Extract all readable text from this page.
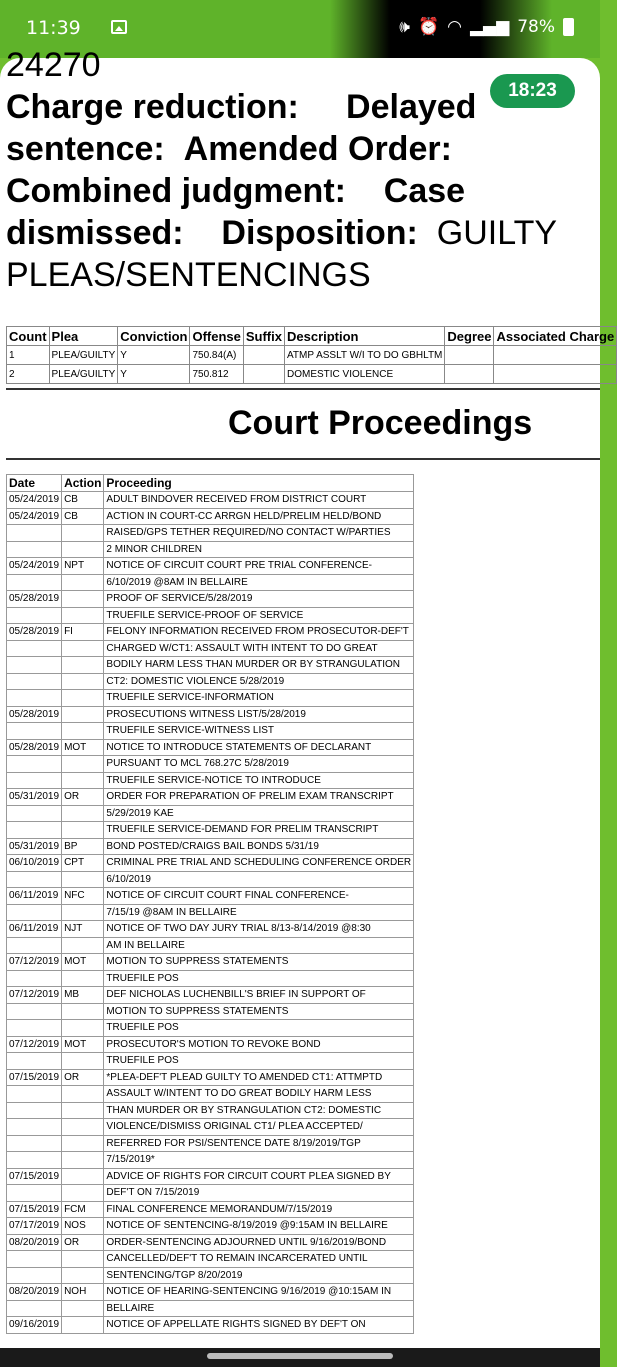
11:39	🕪 ⏰ ◠ ▂▄▆ 78%
24270
Charge reduction: Delayed sentence: Amended Order:  Combined judgment: Case dismissed: Disposition: GUILTY PLEAS/SENTENCINGS
18:23
Count	Plea	Conviction	Offense	Suffix	Description	Degree	Associated Charge
1	PLEA/GUILTY	Y	750.84(A)		ATMP ASSLT W/I TO DO GBHLTM		
2	PLEA/GUILTY	Y	750.812		DOMESTIC VIOLENCE		
Court Proceedings
Date	Action	Proceeding
05/24/2019	CB	ADULT BINDOVER RECEIVED FROM DISTRICT COURT
05/24/2019	CB	ACTION IN COURT-CC ARRGN HELD/PRELIM HELD/BOND
		RAISED/GPS TETHER REQUIRED/NO CONTACT W/PARTIES
		2 MINOR CHILDREN
05/24/2019	NPT	NOTICE OF CIRCUIT COURT PRE TRIAL CONFERENCE-
		6/10/2019 @8AM IN BELLAIRE
05/28/2019		PROOF OF SERVICE/5/28/2019
		TRUEFILE SERVICE-PROOF OF SERVICE
05/28/2019	FI	FELONY INFORMATION RECEIVED FROM PROSECUTOR-DEF'T
		CHARGED W/CT1: ASSAULT WITH INTENT TO DO GREAT
		BODILY HARM LESS THAN MURDER OR BY STRANGULATION
		CT2: DOMESTIC VIOLENCE 5/28/2019
		TRUEFILE SERVICE-INFORMATION
05/28/2019		PROSECUTIONS WITNESS LIST/5/28/2019
		TRUEFILE SERVICE-WITNESS LIST
05/28/2019	MOT	NOTICE TO INTRODUCE STATEMENTS OF DECLARANT
		PURSUANT TO MCL 768.27C 5/28/2019
		TRUEFILE SERVICE-NOTICE TO INTRODUCE
05/31/2019	OR	ORDER FOR PREPARATION OF PRELIM EXAM TRANSCRIPT
		5/29/2019 KAE
		TRUEFILE SERVICE-DEMAND FOR PRELIM TRANSCRIPT
05/31/2019	BP	BOND POSTED/CRAIGS BAIL BONDS 5/31/19
06/10/2019	CPT	CRIMINAL PRE TRIAL AND SCHEDULING CONFERENCE ORDER
		6/10/2019
06/11/2019	NFC	NOTICE OF CIRCUIT COURT FINAL CONFERENCE-
		7/15/19 @8AM IN BELLAIRE
06/11/2019	NJT	NOTICE OF TWO DAY JURY TRIAL 8/13-8/14/2019 @8:30
		AM IN BELLAIRE
07/12/2019	MOT	MOTION TO SUPPRESS STATEMENTS
		TRUEFILE POS
07/12/2019	MB	DEF NICHOLAS LUCHENBILL'S BRIEF IN SUPPORT OF
		MOTION TO SUPPRESS STATEMENTS
		TRUEFILE POS
07/12/2019	MOT	PROSECUTOR'S MOTION TO REVOKE BOND
		TRUEFILE POS
07/15/2019	OR	*PLEA-DEF'T PLEAD GUILTY TO AMENDED CT1: ATTMPTD
		ASSAULT W/INTENT TO DO GREAT BODILY HARM LESS
		THAN MURDER OR BY STRANGULATION CT2: DOMESTIC
		VIOLENCE/DISMISS ORIGINAL CT1/ PLEA ACCEPTED/
		REFERRED FOR PSI/SENTENCE DATE 8/19/2019/TGP
		7/15/2019*
07/15/2019		ADVICE OF RIGHTS FOR CIRCUIT COURT PLEA SIGNED BY
		DEF'T ON 7/15/2019
07/15/2019	FCM	FINAL CONFERENCE MEMORANDUM/7/15/2019
07/17/2019	NOS	NOTICE OF SENTENCING-8/19/2019 @9:15AM IN BELLAIRE
08/20/2019	OR	ORDER-SENTENCING ADJOURNED UNTIL 9/16/2019/BOND
		CANCELLED/DEF'T TO REMAIN INCARCERATED UNTIL
		SENTENCING/TGP 8/20/2019
08/20/2019	NOH	NOTICE OF HEARING-SENTENCING 9/16/2019 @10:15AM IN
		BELLAIRE
09/16/2019		NOTICE OF APPELLATE RIGHTS SIGNED BY DEF'T ON
